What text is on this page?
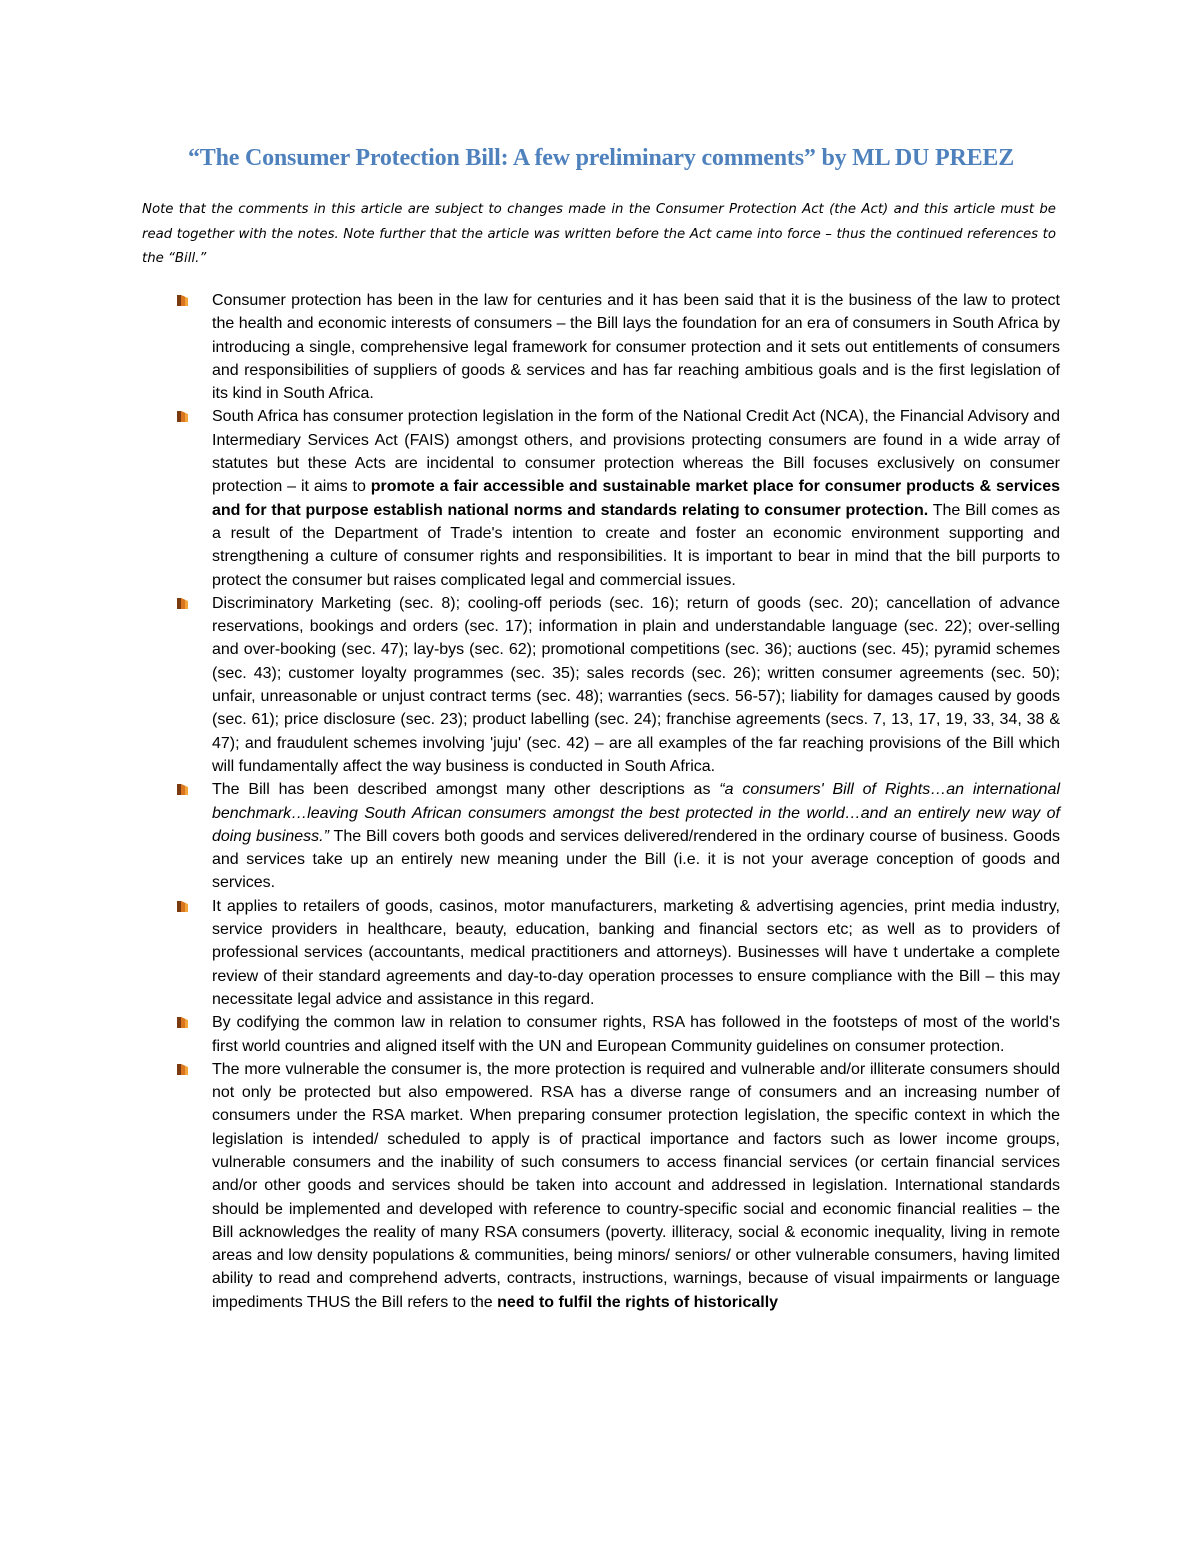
“The Consumer Protection Bill: A few preliminary comments” by ML DU PREEZ

Note that the comments in this article are subject to changes made in the Consumer Protection Act (the Act) and this article must be read together with the notes. Note further that the article was written before the Act came into force – thus the continued references to the “Bill.”

Consumer protection has been in the law for centuries and it has been said that it is the business of the law to protect the health and economic interests of consumers – the Bill lays the foundation for an era of consumers in South Africa by introducing a single, comprehensive legal framework for consumer protection and it sets out entitlements of consumers and responsibilities of suppliers of goods & services and has far reaching ambitious goals and is the first legislation of its kind in South Africa.
South Africa has consumer protection legislation in the form of the National Credit Act (NCA), the Financial Advisory and Intermediary Services Act (FAIS) amongst others, and provisions protecting consumers are found in a wide array of statutes but these Acts are incidental to consumer protection whereas the Bill focuses exclusively on consumer protection – it aims to promote a fair accessible and sustainable market place for consumer products & services and for that purpose establish national norms and standards relating to consumer protection. The Bill comes as a result of the Department of Trade's intention to create and foster an economic environment supporting and strengthening a culture of consumer rights and responsibilities. It is important to bear in mind that the bill purports to protect the consumer but raises complicated legal and commercial issues.
Discriminatory Marketing (sec. 8); cooling-off periods (sec. 16); return of goods (sec. 20); cancellation of advance reservations, bookings and orders (sec. 17); information in plain and understandable language (sec. 22); over-selling and over-booking (sec. 47); lay-bys (sec. 62); promotional competitions (sec. 36); auctions (sec. 45); pyramid schemes (sec. 43); customer loyalty programmes (sec. 35); sales records (sec. 26); written consumer agreements (sec. 50); unfair, unreasonable or unjust contract terms (sec. 48); warranties (secs. 56-57); liability for damages caused by goods (sec. 61); price disclosure (sec. 23); product labelling (sec. 24); franchise agreements (secs. 7, 13, 17, 19, 33, 34, 38 & 47); and fraudulent schemes involving 'juju' (sec. 42) – are all examples of the far reaching provisions of the Bill which will fundamentally affect the way business is conducted in South Africa.
The Bill has been described amongst many other descriptions as “a consumers' Bill of Rights…an international benchmark…leaving South African consumers amongst the best protected in the world…and an entirely new way of doing business.” The Bill covers both goods and services delivered/rendered in the ordinary course of business. Goods and services take up an entirely new meaning under the Bill (i.e. it is not your average conception of goods and services.
It applies to retailers of goods, casinos, motor manufacturers, marketing & advertising agencies, print media industry, service providers in healthcare, beauty, education, banking and financial sectors etc; as well as to providers of professional services (accountants, medical practitioners and attorneys). Businesses will have t undertake a complete review of their standard agreements and day-to-day operation processes to ensure compliance with the Bill – this may necessitate legal advice and assistance in this regard.
By codifying the common law in relation to consumer rights, RSA has followed in the footsteps of most of the world's first world countries and aligned itself with the UN and European Community guidelines on consumer protection.
The more vulnerable the consumer is, the more protection is required and vulnerable and/or illiterate consumers should not only be protected but also empowered. RSA has a diverse range of consumers and an increasing number of consumers under the RSA market. When preparing consumer protection legislation, the specific context in which the legislation is intended/ scheduled to apply is of practical importance and factors such as lower income groups, vulnerable consumers and the inability of such consumers to access financial services (or certain financial services and/or other goods and services should be taken into account and addressed in legislation. International standards should be implemented and developed with reference to country-specific social and economic financial realities – the Bill acknowledges the reality of many RSA consumers (poverty. illiteracy, social & economic inequality, living in remote areas and low density populations & communities, being minors/ seniors/ or other vulnerable consumers, having limited ability to read and comprehend adverts, contracts, instructions, warnings, because of visual impairments or language impediments THUS the Bill refers to the need to fulfil the rights of historically
